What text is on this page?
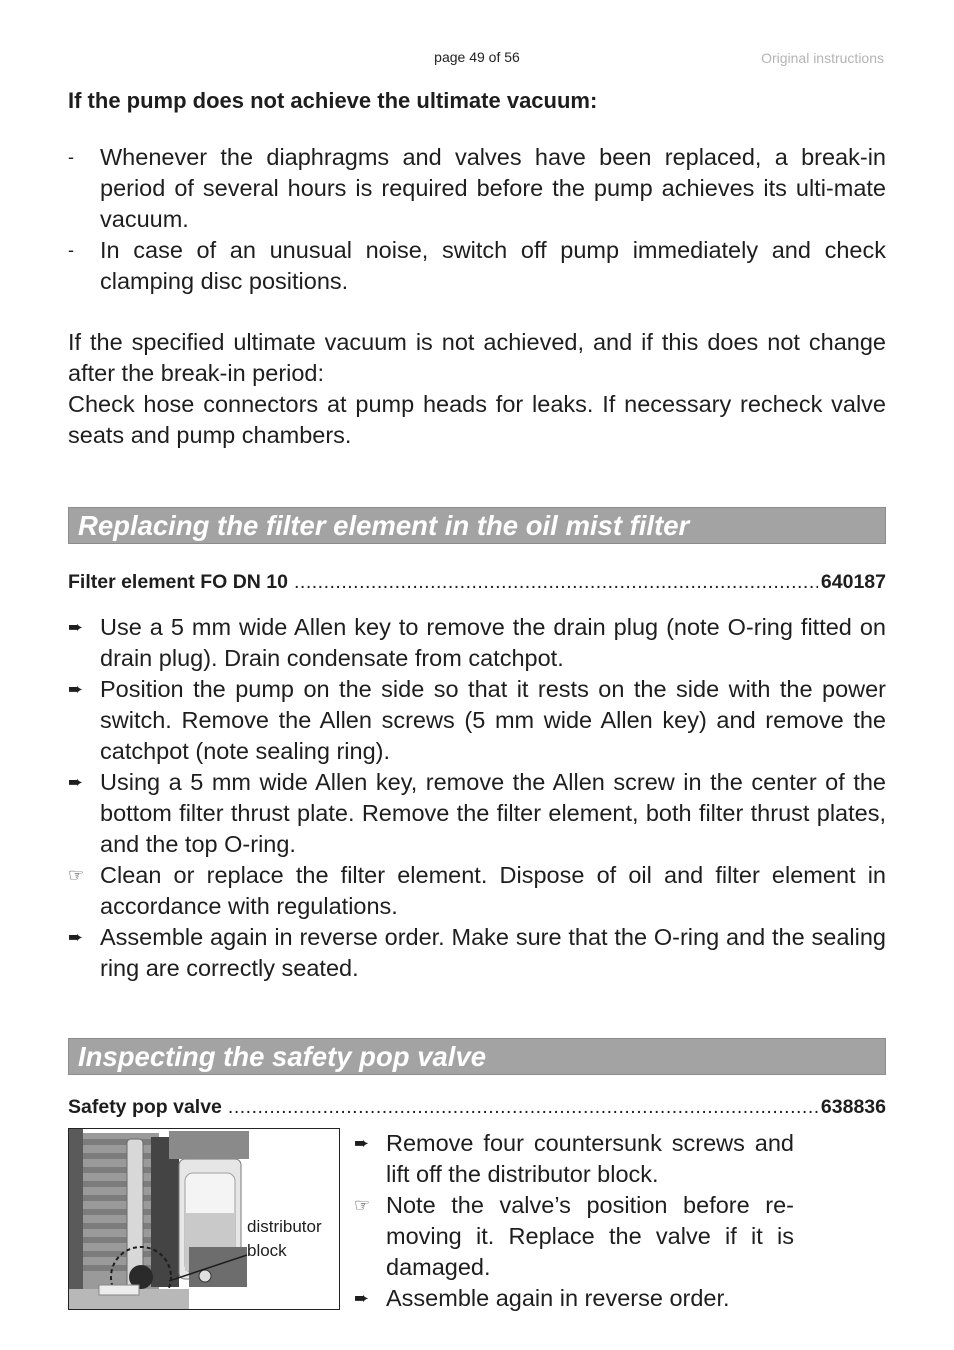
page 49 of 56	Original instructions
If the pump does not achieve the ultimate vacuum:
-	Whenever the diaphragms and valves have been replaced, a break-in period of several hours is required before the pump achieves its ulti-mate vacuum.
-	In case of an unusual noise, switch off pump immediately and check clamping disc positions.

If the specified ultimate vacuum is not achieved, and if this does not change after the break-in period:

Check hose connectors at pump heads for leaks. If necessary recheck valve seats and pump chambers.

Replacing the filter element in the oil mist filter
Filter element FO DN 10 .....	640187
➨ Use a 5 mm wide Allen key to remove the drain plug (note O-ring fitted on drain plug). Drain condensate from catchpot.
➨ Position the pump on the side so that it rests on the side with the power switch. Remove the Allen screws (5 mm wide Allen key) and remove the catchpot (note sealing ring).
➨ Using a 5 mm wide Allen key, remove the Allen screw in the center of the bottom filter thrust plate. Remove the filter element, both filter thrust plates, and the top O-ring.
☞ Clean or replace the filter element. Dispose of oil and filter element in accordance with regulations.
➨ Assemble again in reverse order. Make sure that the O-ring and the sealing ring are correctly seated.
Inspecting the safety pop valve
Safety pop valve .....	638836
distributor
block
➨ Remove four countersunk screws and lift off the distributor block.
☞ Note the valve’s position before re-moving it. Replace the valve if it is damaged.
➨ Assemble again in reverse order.
